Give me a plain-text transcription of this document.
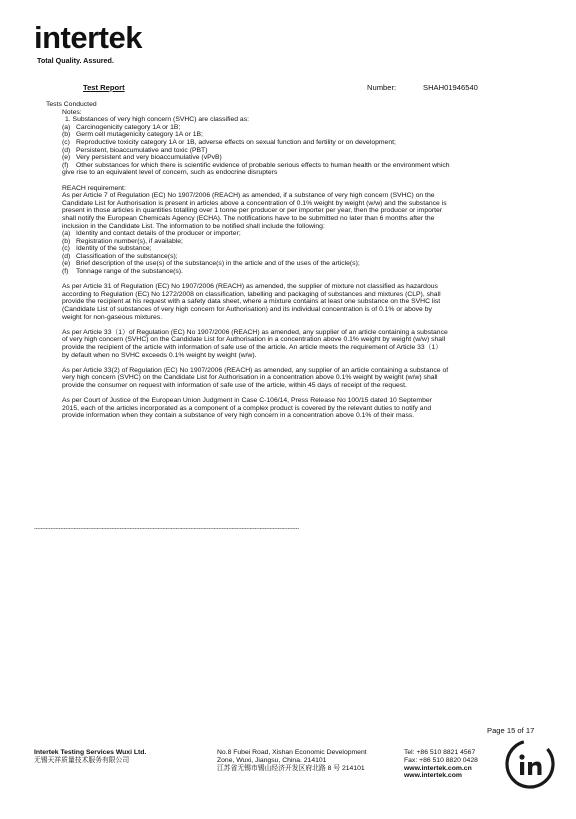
intertek
Total Quality. Assured.
Test Report	Number:	SHAH01946540
Tests Conducted
Notes:
1. Substances of very high concern (SVHC) are classified as:
(a) Carcinogenicity category 1A or 1B;
(b) Germ cell mutagenicity category 1A or 1B;
(c) Reproductive toxicity category 1A or 1B, adverse effects on sexual function and fertility or on development;
(d) Persistent, bioaccumulative and toxic (PBT)
(e) Very persistent and very bioaccumulative (vPvB)
(f)	Other substances for which there is scientific evidence of probable serious effects to human health or the environment which
give rise to an equivalent level of concern, such as endocrine disrupters
REACH requirement:
As per Article 7 of Regulation (EC) No 1907/2006 (REACH) as amended, if a substance of very high concern (SVHC) on the
Candidate List for Authorisation is present in articles above a concentration of 0.1% weight by weight (w/w) and the substance is
present in those articles in quantities totalling over 1 tonne per producer or per importer per year, then the producer or importer
shall notify the European Chemicals Agency (ECHA). The notifications have to be submitted no later than 6 months after the
inclusion in the Candidate List. The information to be notified shall include the following:
(a) Identity and contact details of the producer or importer;
(b) Registration number(s), if available;
(c) Identity of the substance;
(d) Classification of the substance(s);
(e) Brief description of the use(s) of the substance(s) in the article and of the uses of the article(s);
(f)	Tonnage range of the substance(s).
As per Article 31 of Regulation (EC) No 1907/2006 (REACH) as amended, the supplier of mixture not classified as hazardous
according to Regulation (EC) No 1272/2008 on classification, labelling and packaging of substances and mixtures (CLP), shall
provide the recipient at his request with a safety data sheet, where a mixture contains at least one substance on the SVHC list
(Candidate List of substances of very high concern for Authorisation) and its individual concentration is of 0.1% or above by
weight for non-gaseous mixtures.
As per Article 33（1）of Regulation (EC) No 1907/2006 (REACH) as amended, any supplier of an article containing a substance
of very high concern (SVHC) on the Candidate List for Authorisation in a concentration above 0.1% weight by weight (w/w) shall
provide the recipient of the article with information of safe use of the article. An article meets the requirement of Article 33（1）
by default when no SVHC exceeds 0.1% weight by weight (w/w).
As per Article 33(2) of Regulation (EC) No 1907/2006 (REACH) as amended, any supplier of an article containing a substance of
very high concern (SVHC) on the Candidate List for Authorisation in a concentration above 0.1% weight by weight (w/w) shall
provide the consumer on request with information of safe use of the article, within 45 days of receipt of the request.
As per Court of Justice of the European Union Judgment in Case C-106/14, Press Release No 100/15 dated 10 September
2015, each of the articles incorporated as a component of a complex product is covered by the relevant duties to notify and
provide information when they contain a substance of very high concern in a concentration above 0.1% of their mass.
*****************************************************************************************************************************************************************
Page 15 of 17
Intertek Testing Services Wuxi Ltd.
无锡天祥质量技术服务有限公司
No.8 Fubei Road, Xishan Economic Development
Zone, Wuxi, Jiangsu, China. 214101
江苏省无锡市锡山经济开发区府北路 8 号 214101
Tel: +86 510 8821 4567
Fax: +86 510 8820 0428
www.intertek.com.cn
www.intertek.com
